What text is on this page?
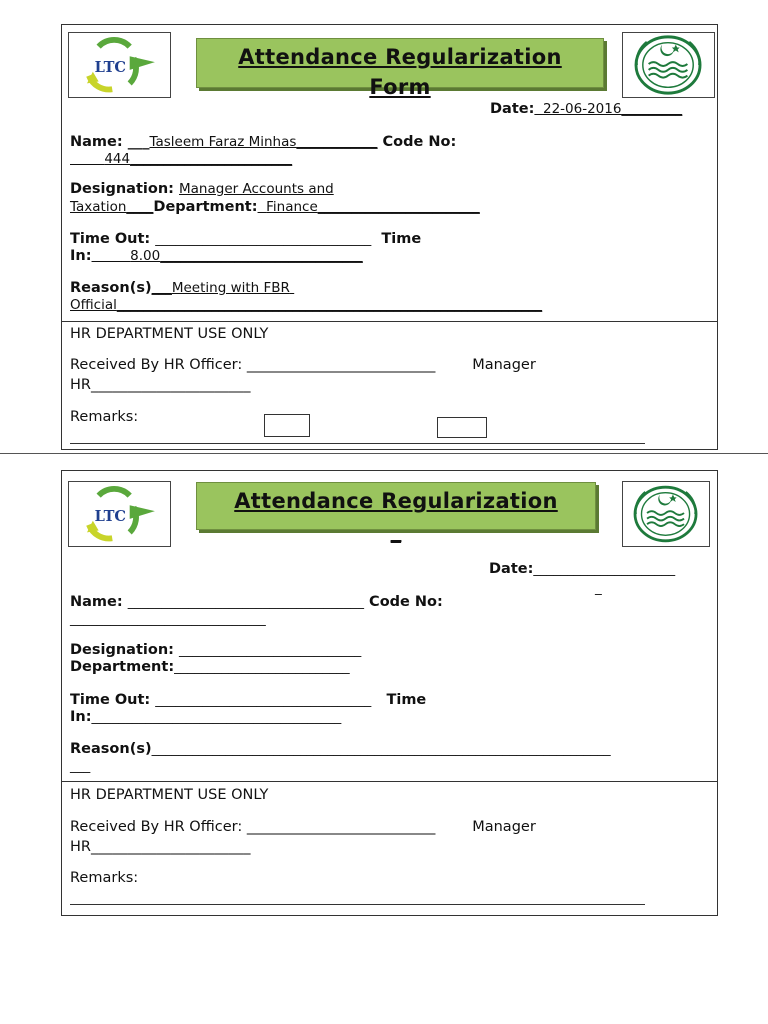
LTC	Attendance Regularization
Form
Date: 22-06-2016_________
Name: ___Tasleem Faraz Minhas____________ Code No:
444________________________
Designation: Manager Accounts and
Taxation____Department: Finance________________________
Time Out: ________________________________ Time
In:	8.00______________________________
Reason(s)___Meeting with FBR
Official_______________________________________________________________
HR DEPARTMENT USE ONLY
Received By HR Officer: __________________________	Manager
HR______________________
Remarks:
LTC
Attendance Regularization
_
Date:_____________________
_
Name: ___________________________________ Code No:
_____________________________
Designation: ___________________________
Department:__________________________
Time Out: ________________________________ Time
In:_____________________________________
Reason(s)____________________________________________________________________
___
HR DEPARTMENT USE ONLY
Received By HR Officer: __________________________	Manager
HR______________________
Remarks:
